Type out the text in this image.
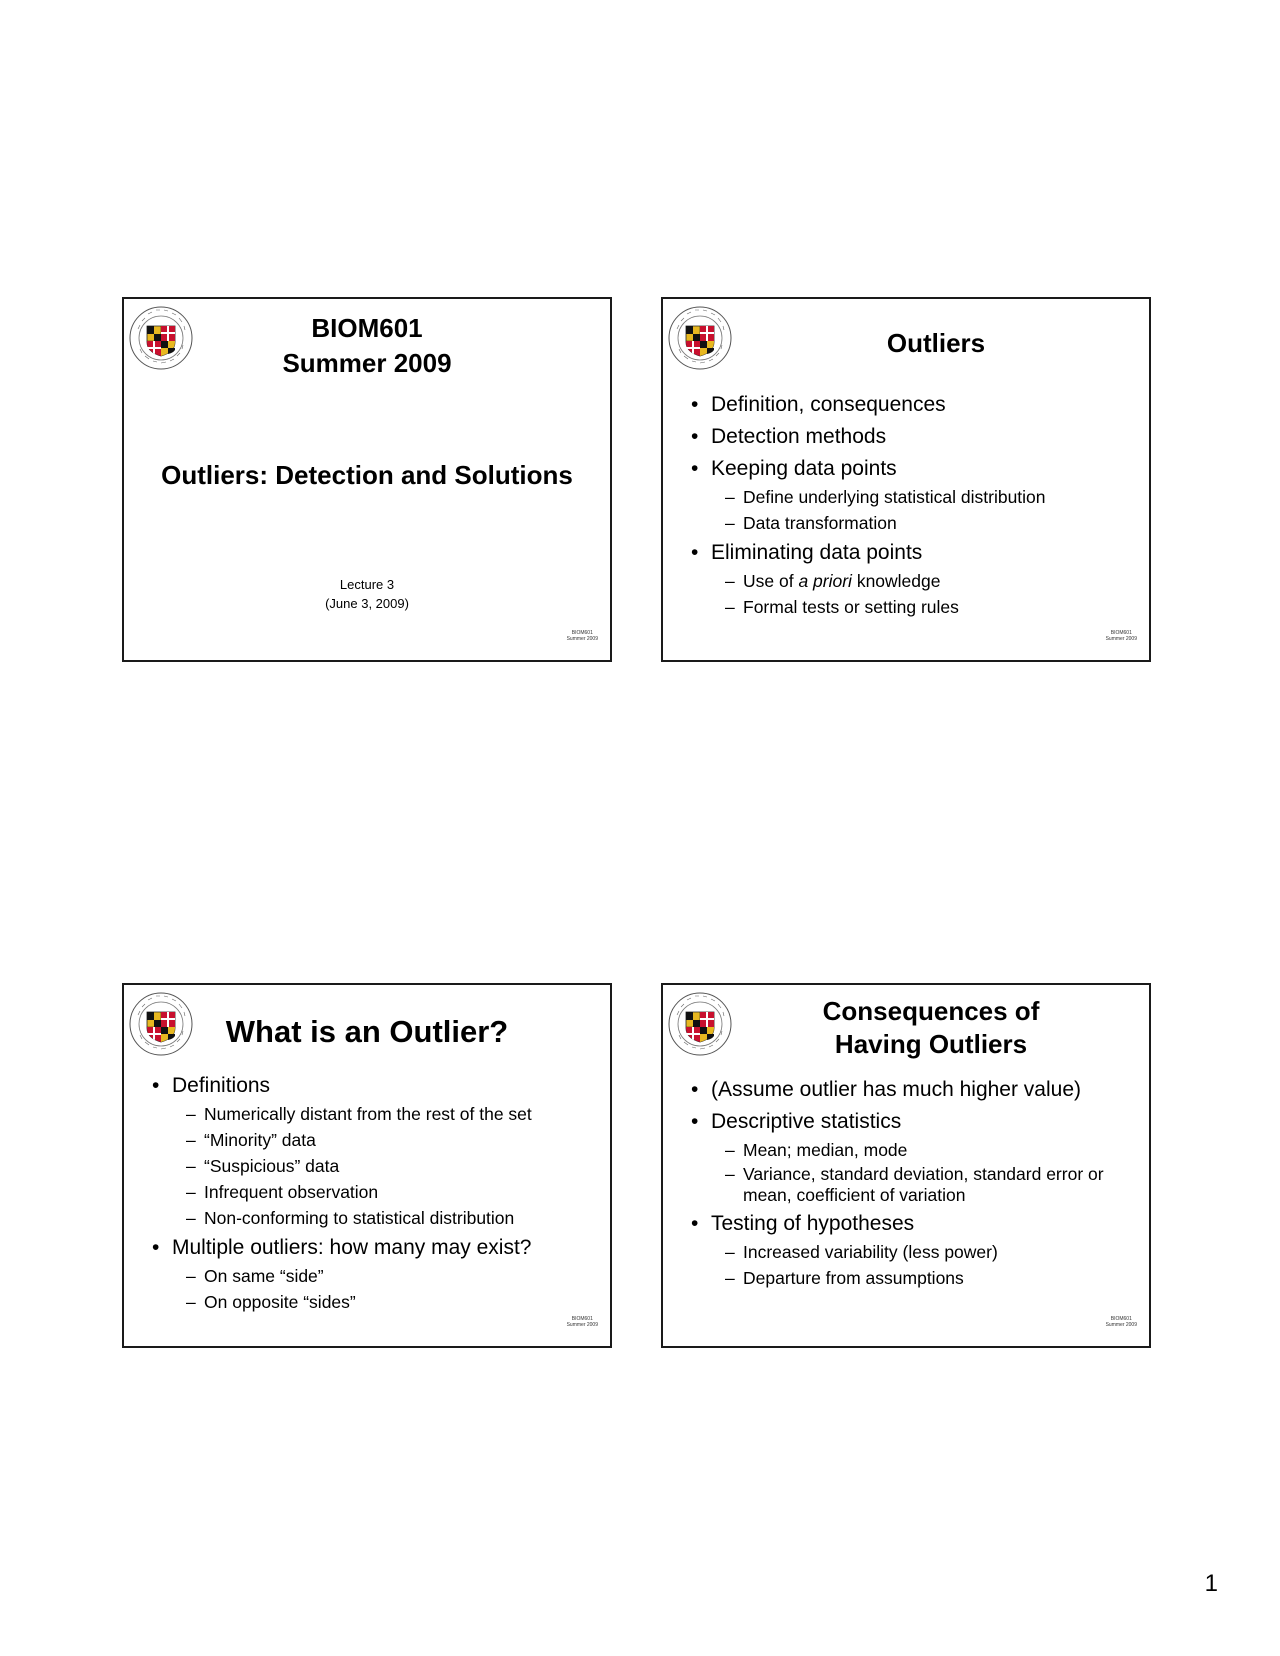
BIOM601
Summer 2009
Outliers: Detection and Solutions
Lecture 3
(June 3, 2009)
BIOM601
Summer 2009
Outliers
• Definition, consequences
• Detection methods
• Keeping data points
– Define underlying statistical distribution
– Data transformation
• Eliminating data points
– Use of a priori knowledge
– Formal tests or setting rules
BIOM601
Summer 2009
What is an Outlier?
• Definitions
– Numerically distant from the rest of the set
– “Minority” data
– “Suspicious” data
– Infrequent observation
– Non-conforming to statistical distribution
• Multiple outliers: how many may exist?
– On same “side”
– On opposite “sides”
BIOM601
Summer 2009
Consequences of
Having Outliers
• (Assume outlier has much higher value)
• Descriptive statistics
– Mean; median, mode
– Variance, standard deviation, standard error or mean, coefficient of variation
• Testing of hypotheses
– Increased variability (less power)
– Departure from assumptions
BIOM601
Summer 2009
1
